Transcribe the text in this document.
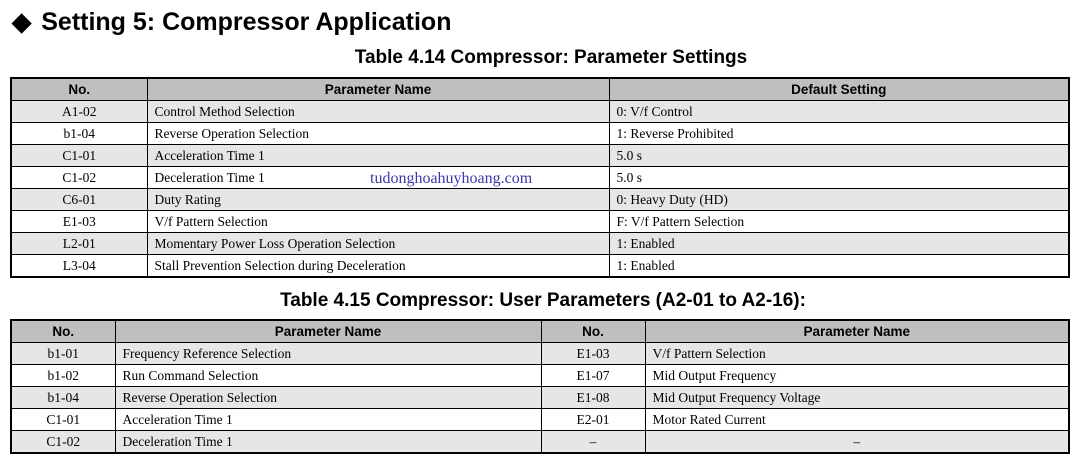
◆ Setting 5: Compressor Application
Table 4.14 Compressor: Parameter Settings
No.	Parameter Name	Default Setting
A1-02	Control Method Selection	0: V/f Control
b1-04	Reverse Operation Selection	1: Reverse Prohibited
C1-01	Acceleration Time 1	5.0 s
C1-02	Deceleration Time 1	5.0 s
C6-01	Duty Rating	0: Heavy Duty (HD)
E1-03	V/f Pattern Selection	F: V/f Pattern Selection
L2-01	Momentary Power Loss Operation Selection	1: Enabled
L3-04	Stall Prevention Selection during Deceleration	1: Enabled
tudonghoahuyhoang.com
Table 4.15 Compressor: User Parameters (A2-01 to A2-16):
No.	Parameter Name	No.	Parameter Name
b1-01	Frequency Reference Selection	E1-03	V/f Pattern Selection
b1-02	Run Command Selection	E1-07	Mid Output Frequency
b1-04	Reverse Operation Selection	E1-08	Mid Output Frequency Voltage
C1-01	Acceleration Time 1	E2-01	Motor Rated Current
C1-02	Deceleration Time 1	–	–
